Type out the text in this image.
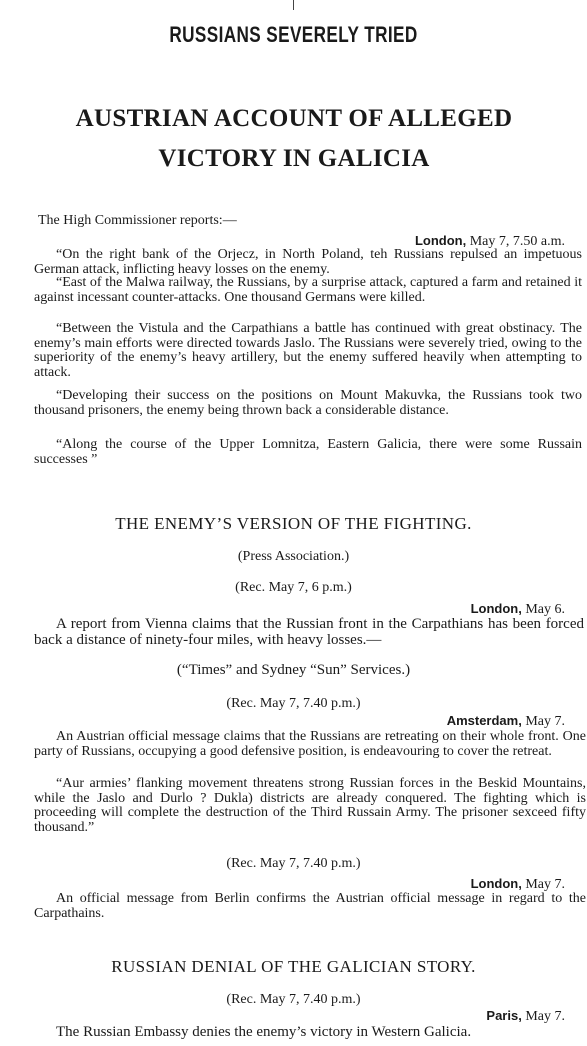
RUSSIANS SEVERELY TRIED
AUSTRIAN ACCOUNT OF ALLEGED VICTORY IN GALICIA
The High Commissioner reports:—
London, May 7, 7.50 a.m.
“On the right bank of the Orjecz, in North Poland, teh Russians repulsed an impetuous German attack, inflicting heavy losses on the enemy.
“East of the Malwa railway, the Russians, by a surprise attack, captured a farm and retained it against incessant counter-attacks. One thousand Germans were killed.
“Between the Vistula and the Carpathians a battle has continued with great obstinacy. The enemy’s main efforts were directed towards Jaslo. The Russians were severely tried, owing to the superiority of the enemy’s heavy artillery, but the enemy suffered heavily when attempting to attack.
“Developing their success on the positions on Mount Makuvka, the Russians took two thousand prisoners, the enemy being thrown back a considerable distance.
“Along the course of the Upper Lomnitza, Eastern Galicia, there were some Russain successes ”
THE ENEMY’S VERSION OF THE FIGHTING.
(Press Association.)
(Rec. May 7, 6 p.m.)
London, May 6.
A report from Vienna claims that the Russian front in the Carpathians has been forced back a distance of ninety-four miles, with heavy losses.—
(“Times” and Sydney “Sun” Services.)
(Rec. May 7, 7.40 p.m.)
Amsterdam, May 7.
An Austrian official message claims that the Russians are retreating on their whole front. One party of Russians, occupying a good defensive position, is endeavouring to cover the retreat.
“Aur armies’ flanking movement threatens strong Russian forces in the Beskid Mountains, while the Jaslo and Durlo ? Dukla) districts are already conquered. The fighting which is proceeding will complete the destruction of the Third Russain Army. The prisoner sexceed fifty thousand.”
(Rec. May 7, 7.40 p.m.)
London, May 7.
An official message from Berlin confirms the Austrian official message in regard to the Carpathains.
RUSSIAN DENIAL OF THE GALICIAN STORY.
(Rec. May 7, 7.40 p.m.)
Paris, May 7.
The Russian Embassy denies the enemy’s victory in Western Galicia.
